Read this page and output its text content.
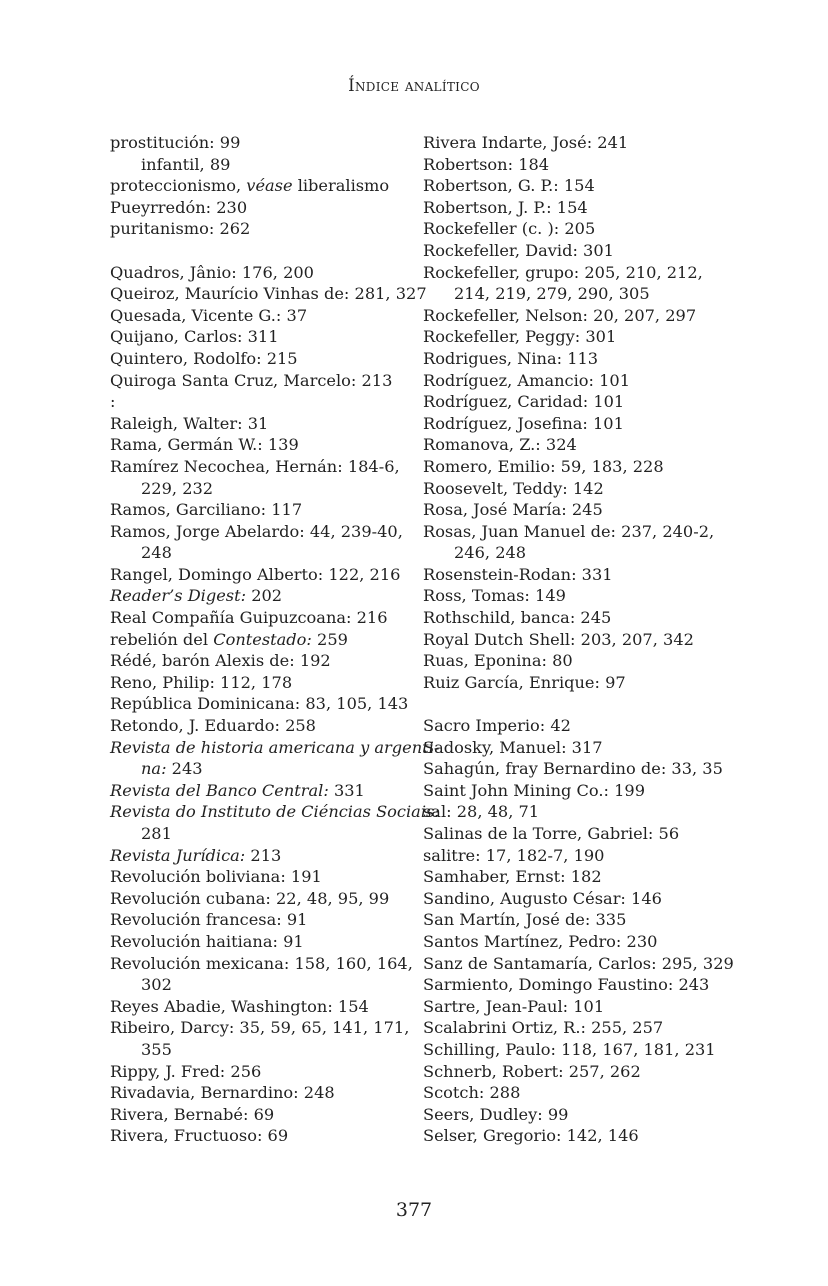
Índice analítico
prostitución: 99
infantil, 89
proteccionismo, véase liberalismo
Pueyrredón: 230
puritanismo: 262
Quadros, Jânio: 176, 200
Queiroz, Maurício Vinhas de: 281, 327
Quesada, Vicente G.: 37
Quijano, Carlos: 311
Quintero, Rodolfo: 215
Quiroga Santa Cruz, Marcelo: 213
:
Raleigh, Walter: 31
Rama, Germán W.: 139
Ramírez Necochea, Hernán: 184-6,
229, 232
Ramos, Garciliano: 117
Ramos, Jorge Abelardo: 44, 239-40,
248
Rangel, Domingo Alberto: 122, 216
Reader’s Digest: 202
Real Compañía Guipuzcoana: 216
rebelión del Contestado: 259
Rédé, barón Alexis de: 192
Reno, Philip: 112, 178
República Dominicana: 83, 105, 143
Retondo, J. Eduardo: 258
Revista de historia americana y argenti-
na: 243
Revista del Banco Central: 331
Revista do Instituto de Ciéncias Sociais:
281
Revista Jurídica: 213
Revolución boliviana: 191
Revolución cubana: 22, 48, 95, 99
Revolución francesa: 91
Revolución haitiana: 91
Revolución mexicana: 158, 160, 164,
302
Reyes Abadie, Washington: 154
Ribeiro, Darcy: 35, 59, 65, 141, 171,
355
Rippy, J. Fred: 256
Rivadavia, Bernardino: 248
Rivera, Bernabé: 69
Rivera, Fructuoso: 69
Rivera Indarte, José: 241
Robertson: 184
Robertson, G. P.: 154
Robertson, J. P.: 154
Rockefeller (c. ): 205
Rockefeller, David: 301
Rockefeller, grupo: 205, 210, 212,
214, 219, 279, 290, 305
Rockefeller, Nelson: 20, 207, 297
Rockefeller, Peggy: 301
Rodrigues, Nina: 113
Rodríguez, Amancio: 101
Rodríguez, Caridad: 101
Rodríguez, Josefina: 101
Romanova, Z.: 324
Romero, Emilio: 59, 183, 228
Roosevelt, Teddy: 142
Rosa, José María: 245
Rosas, Juan Manuel de: 237, 240-2,
246, 248
Rosenstein-Rodan: 331
Ross, Tomas: 149
Rothschild, banca: 245
Royal Dutch Shell: 203, 207, 342
Ruas, Eponina: 80
Ruiz García, Enrique: 97
Sacro Imperio: 42
Sadosky, Manuel: 317
Sahagún, fray Bernardino de: 33, 35
Saint John Mining Co.: 199
sal: 28, 48, 71
Salinas de la Torre, Gabriel: 56
salitre: 17, 182-7, 190
Samhaber, Ernst: 182
Sandino, Augusto César: 146
San Martín, José de: 335
Santos Martínez, Pedro: 230
Sanz de Santamaría, Carlos: 295, 329
Sarmiento, Domingo Faustino: 243
Sartre, Jean-Paul: 101
Scalabrini Ortiz, R.: 255, 257
Schilling, Paulo: 118, 167, 181, 231
Schnerb, Robert: 257, 262
Scotch: 288
Seers, Dudley: 99
Selser, Gregorio: 142, 146
377
